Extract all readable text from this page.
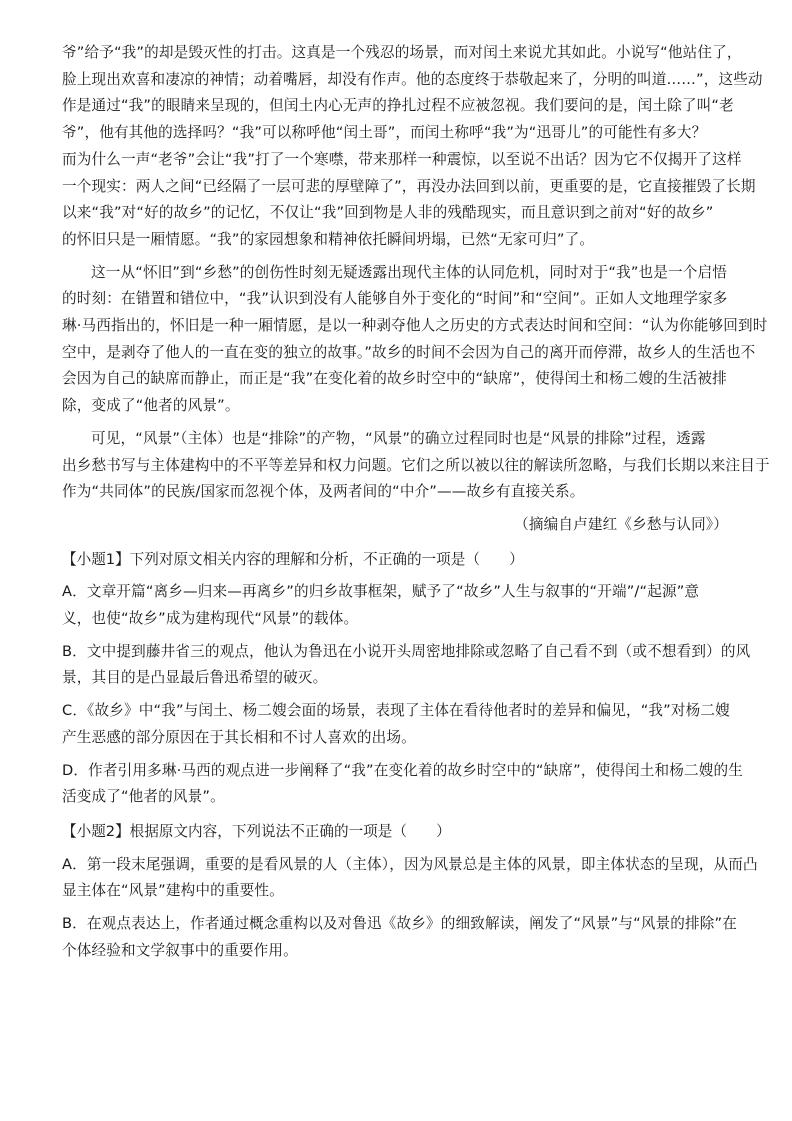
爷”给予“我”的却是毁灭性的打击。这真是一个残忍的场景，而对闰土来说尤其如此。小说写“他站住了，
脸上现出欢喜和凄凉的神情；动着嘴唇，却没有作声。他的态度终于恭敬起来了，分明的叫道……”，这些动
作是通过“我”的眼睛来呈现的，但闰土内心无声的挣扎过程不应被忽视。我们要问的是，闰土除了叫“老
爷”，他有其他的选择吗？“我”可以称呼他“闰土哥”，而闰土称呼“我”为“迅哥儿”的可能性有多大？
而为什么一声“老爷”会让“我”打了一个寒噤，带来那样一种震惊，以至说不出话？因为它不仅揭开了这样
一个现实：两人之间“已经隔了一层可悲的厚壁障了”，再没办法回到以前，更重要的是，它直接摧毁了长期
以来“我”对“好的故乡”的记忆，不仅让“我”回到物是人非的残酷现实，而且意识到之前对“好的故乡”
的怀旧只是一厢情愿。“我”的家园想象和精神依托瞬间坍塌，已然“无家可归”了。
这一从“怀旧”到“乡愁”的创伤性时刻无疑透露出现代主体的认同危机，同时对于“我”也是一个启悟
的时刻：在错置和错位中，“我”认识到没有人能够自外于变化的“时间”和“空间”。正如人文地理学家多
琳·马西指出的，怀旧是一种一厢情愿，是以一种剥夺他人之历史的方式表达时间和空间：“认为你能够回到时
空中，是剥夺了他人的一直在变的独立的故事。”故乡的时间不会因为自己的离开而停滞，故乡人的生活也不
会因为自己的缺席而静止，而正是“我”在变化着的故乡时空中的“缺席”，使得闰土和杨二嫂的生活被排
除，变成了“他者的风景”。
可见，“风景”（主体）也是“排除”的产物，“风景”的确立过程同时也是“风景的排除”过程，透露
出乡愁书写与主体建构中的不平等差异和权力问题。它们之所以被以往的解读所忽略，与我们长期以来注目于
作为“共同体”的民族/国家而忽视个体，及两者间的“中介”——故乡有直接关系。
（摘编自卢建红《乡愁与认同》）
【小题1】下列对原文相关内容的理解和分析，不正确的一项是（　　）
A．文章开篇“离乡—归来—再离乡”的归乡故事框架，赋予了“故乡”人生与叙事的“开端”/“起源”意
义，也使“故乡”成为建构现代“风景”的载体。
B．文中提到藤井省三的观点，他认为鲁迅在小说开头周密地排除或忽略了自己看不到（或不想看到）的风
景，其目的是凸显最后鲁迅希望的破灭。
C．《故乡》中“我”与闰土、杨二嫂会面的场景，表现了主体在看待他者时的差异和偏见，“我”对杨二嫂
产生恶感的部分原因在于其长相和不讨人喜欢的出场。
D．作者引用多琳·马西的观点进一步阐释了“我”在变化着的故乡时空中的“缺席”，使得闰土和杨二嫂的生
活变成了“他者的风景”。
【小题2】根据原文内容，下列说法不正确的一项是（　　）
A．第一段末尾强调，重要的是看风景的人（主体），因为风景总是主体的风景，即主体状态的呈现，从而凸
显主体在“风景”建构中的重要性。
B．在观点表达上，作者通过概念重构以及对鲁迅《故乡》的细致解读，阐发了“风景”与“风景的排除”在
个体经验和文学叙事中的重要作用。
